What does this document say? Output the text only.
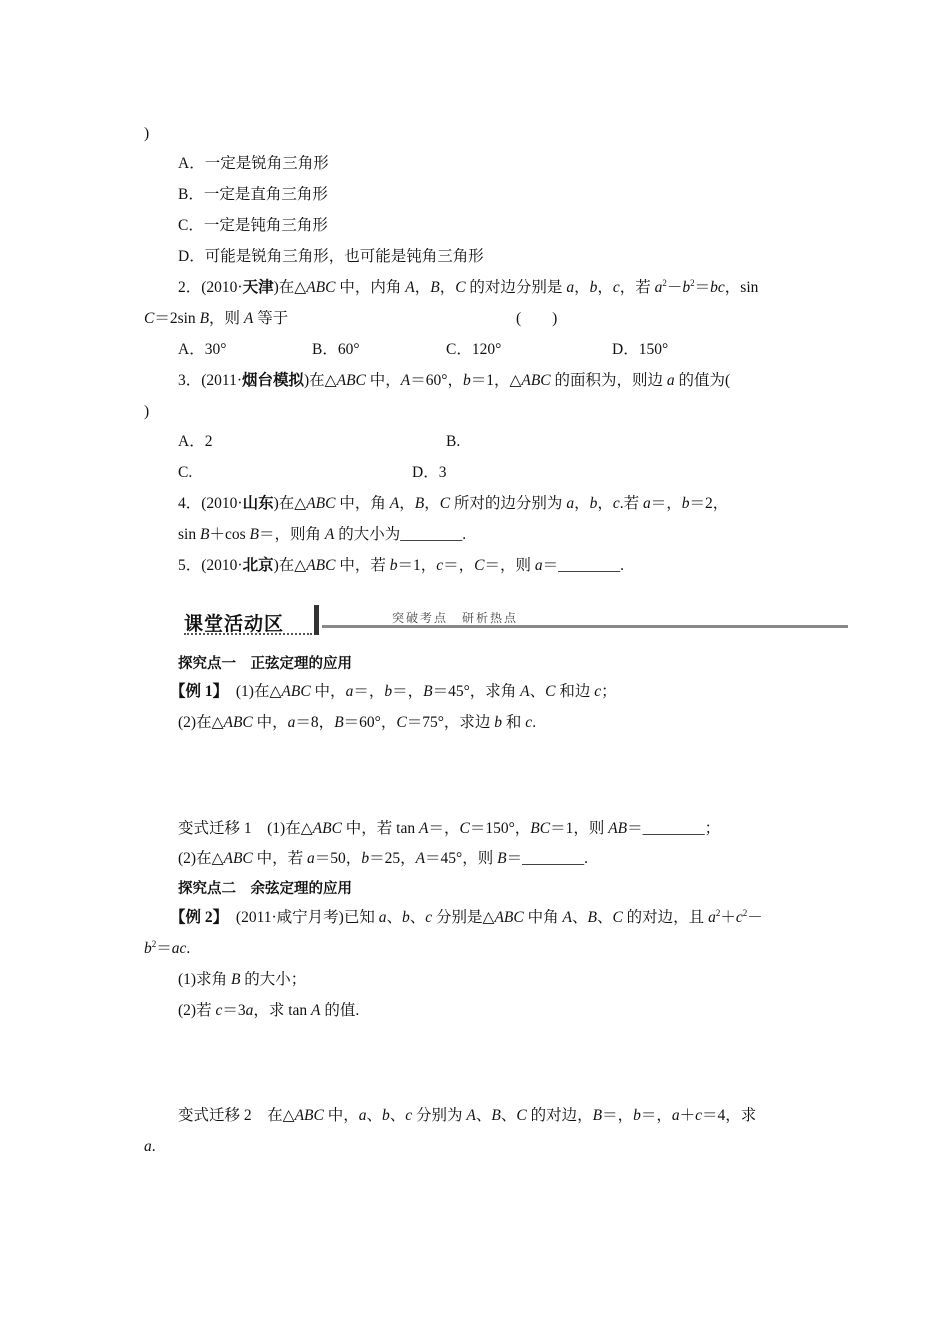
)
A．一定是锐角三角形
B．一定是直角三角形
C．一定是钝角三角形
D．可能是锐角三角形，也可能是钝角三角形
2．(2010·天津)在△ABC 中，内角 A，B，C 的对边分别是 a，b，c，若 $a^2-b^2=bc$，sin
C＝2sin B，则 A 等于	(　　)
A．30°	B．60°	C．120°	D．150°
3．(2011·烟台模拟)在△ABC 中，A＝60°，b＝1，△ABC 的面积为，则边 a 的值为(
)
A．2	B.
C.	D．3
4．(2010·山东)在△ABC 中，角 A，B，C 所对的边分别为 a，b，c.若 a＝，b＝2，
sin B＋cos B＝，则角 A 的大小为________.
5．(2010·北京)在△ABC 中，若 b＝1，c＝，C＝，则 a＝________.
课堂活动区	突破考点　研析热点
探究点一　正弦定理的应用
【例 1】　(1)在△ABC 中，a＝，b＝，B＝45°，求角 A、C 和边 c；
(2)在△ABC 中，a＝8，B＝60°，C＝75°，求边 b 和 c.
变式迁移 1　(1)在△ABC 中，若 tan A＝，C＝150°，BC＝1，则 AB＝________；
(2)在△ABC 中，若 a＝50，b＝25，A＝45°，则 B＝________.
探究点二　余弦定理的应用
【例 2】　 (2011·咸宁月考)已知 a、b、c 分别是△ABC 中角 A、B、C 的对边，且 $a^2+c^2-$
$b^2=ac$.
(1)求角 B 的大小；
(2)若 c＝3a，求 tan A 的值.
变式迁移 2　在△ABC 中，a、b、c 分别为 A、B、C 的对边，B＝，b＝，a＋c＝4，求
a.
